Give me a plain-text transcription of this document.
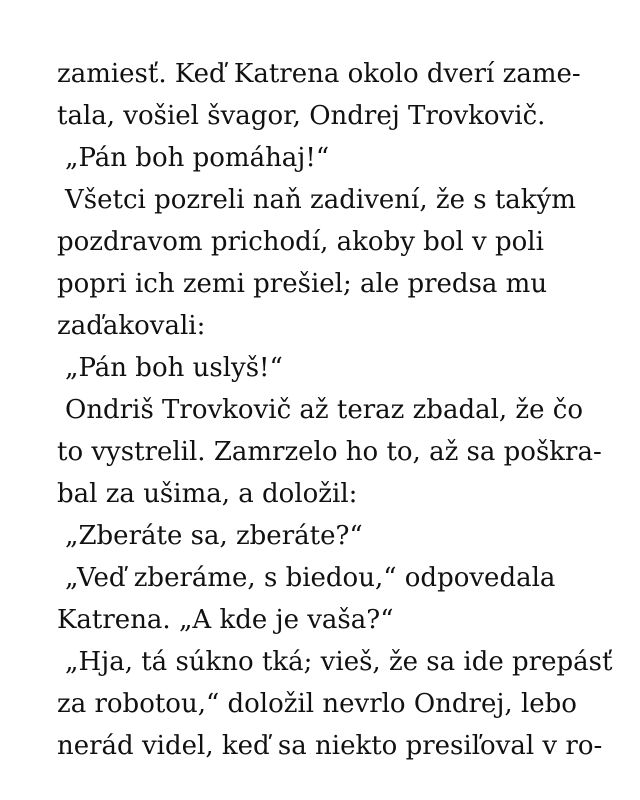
zamiesť. Keď Katrena okolo dverí zame-
tala, vošiel švagor, Ondrej Trovkovič.
„Pán boh pomáhaj!“
Všetci pozreli naň zadivení, že s takým
pozdravom prichodí, akoby bol v poli
popri ich zemi prešiel; ale predsa mu
zaďakovali:
„Pán boh uslyš!“
Ondriš Trovkovič až teraz zbadal, že čo
to vystrelil. Zamrzelo ho to, až sa poškra-
bal za ušima, a doložil:
„Zberáte sa, zberáte?“
„Veď zberáme, s biedou,“ odpovedala
Katrena. „A kde je vaša?“
„Hja, tá súkno tká; vieš, že sa ide prepásť
za robotou,“ doložil nevrlo Ondrej, lebo
nerád videl, keď sa niekto presiľoval v ro-
